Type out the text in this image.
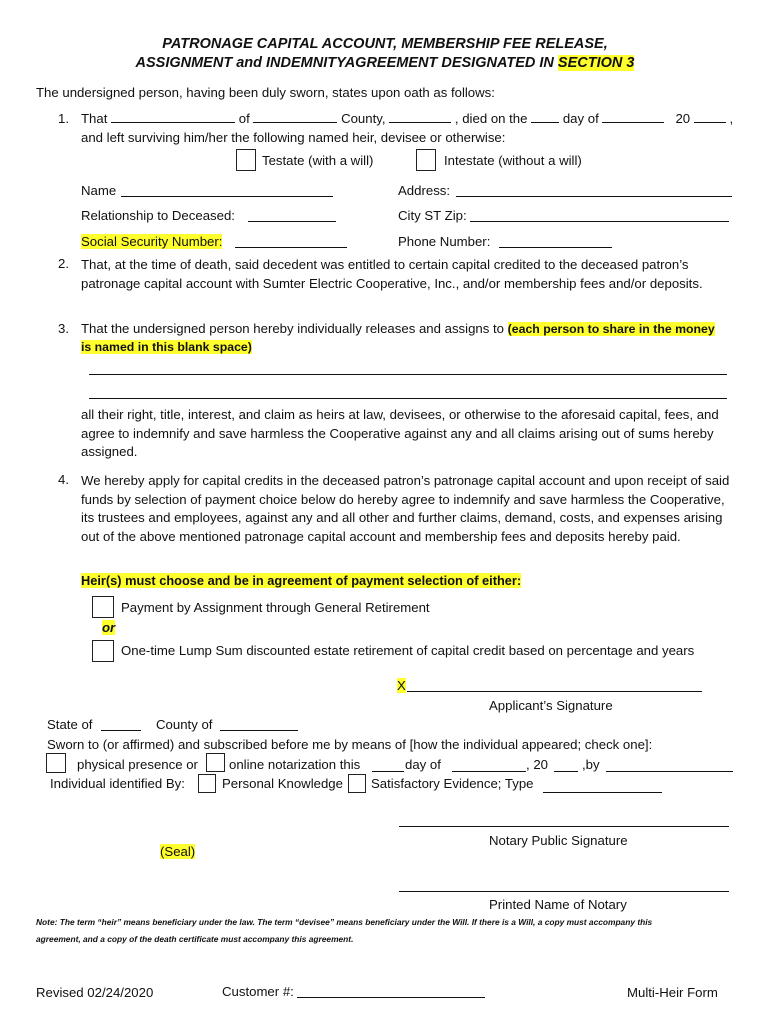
PATRONAGE CAPITAL ACCOUNT, MEMBERSHIP FEE RELEASE,
ASSIGNMENT and INDEMNITYAGREEMENT DESIGNATED IN SECTION 3
The undersigned person, having been duly sworn, states upon oath as follows:
1. That	of	County,	, died on the	day of	20	,
and left surviving him/her the following named heir, devisee or otherwise:
Testate (with a will)	Intestate (without a will)
Name	Address:
Relationship to Deceased:	City ST Zip:
Social Security Number:	Phone Number:
2. That, at the time of death, said decedent was entitled to certain capital credited to the deceased patron’s patronage capital account with Sumter Electric Cooperative, Inc., and/or membership fees and/or deposits.
3. That the undersigned person hereby individually releases and assigns to (each person to share in the money
is named in this blank space)
all their right, title, interest, and claim as heirs at law, devisees, or otherwise to the aforesaid capital, fees, and agree to indemnify and save harmless the Cooperative against any and all claims arising out of sums hereby assigned.
4. We hereby apply for capital credits in the deceased patron’s patronage capital account and upon receipt of said funds by selection of payment choice below do hereby agree to indemnify and save harmless the Cooperative, its trustees and employees, against any and all other and further claims, demand, costs, and expenses arising out of the above mentioned patronage capital account and membership fees and deposits hereby paid.
Heir(s) must choose and be in agreement of payment selection of either:
Payment by Assignment through General Retirement
or
One-time Lump Sum discounted estate retirement of capital credit based on percentage and years
X
Applicant’s Signature
State of	County of
Sworn to (or affirmed) and subscribed before me by means of [how the individual appeared; check one]:
physical presence or online notarization this	day of	, 20	,by
Individual identified By:	Personal Knowledge Satisfactory Evidence; Type
Notary Public Signature
(Seal)
Printed Name of Notary
Note: The term “heir” means beneficiary under the law. The term “devisee” means beneficiary under the Will. If there is a Will, a copy must accompany this
agreement, and a copy of the death certificate must accompany this agreement.
Revised 02/24/2020	Customer #:	Multi-Heir Form
